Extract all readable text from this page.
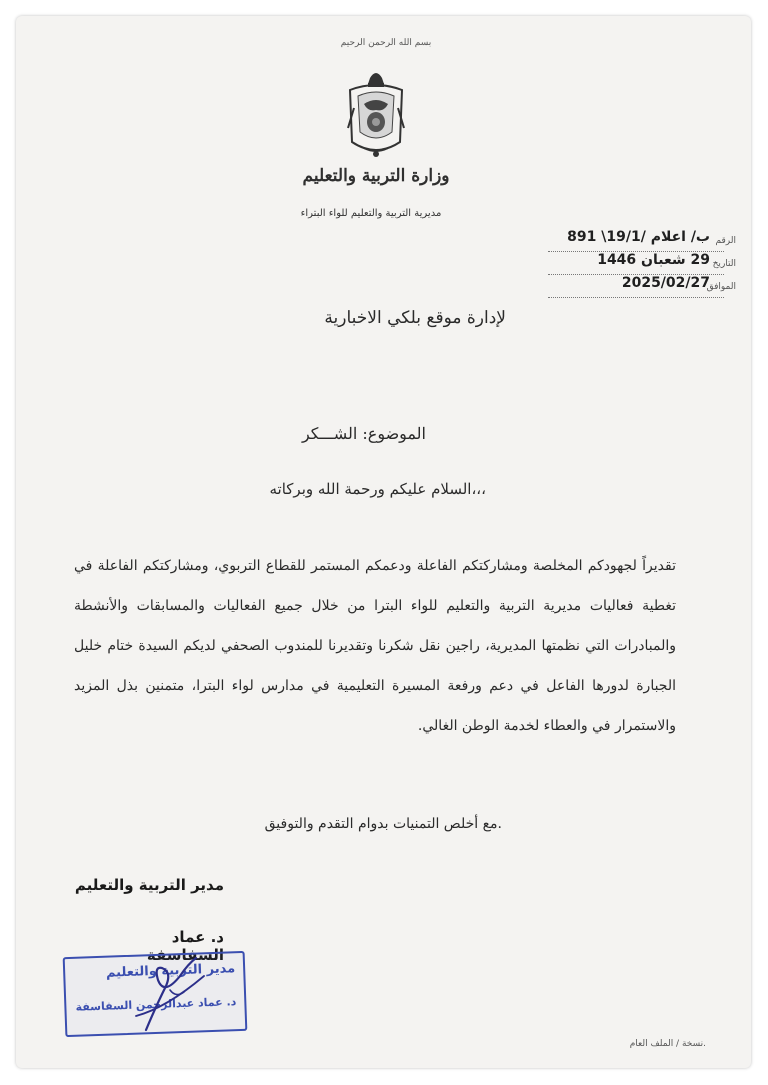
بسم الله الرحمن الرحيم
وزارة التربية والتعليم
مديرية التربية والتعليم للواء البتراء
الرقم
ب/ اعلام /19/1\ 891
التاريخ
29 شعبان 1446
الموافق
2025/02/27
لإدارة موقع بلكي الاخبارية
الموضوع: الشـــكر
السلام عليكم ورحمة الله وبركاته،،،
تقديراً لجهودكم المخلصة ومشاركتكم الفاعلة ودعمكم المستمر للقطاع التربوي، ومشاركتكم الفاعلة في تغطية فعاليات مديرية التربية والتعليم للواء البترا من خلال جميع الفعاليات والمسابقات والأنشطة والمبادرات التي نظمتها المديرية، راجين نقل شكرنا وتقديرنا للمندوب الصحفي لديكم السيدة ختام خليل الجبارة لدورها الفاعل في دعم ورفعة المسيرة التعليمية في مدارس لواء البترا، متمنين بذل المزيد والاستمرار في والعطاء لخدمة الوطن الغالي.
مع أخلص التمنيات بدوام التقدم والتوفيق.
مدير التربية والتعليم
د. عماد السفاسفة
مدير التربية والتعليم
د. عماد عبدالرحمن السفاسفة
نسخة / الملف العام.
